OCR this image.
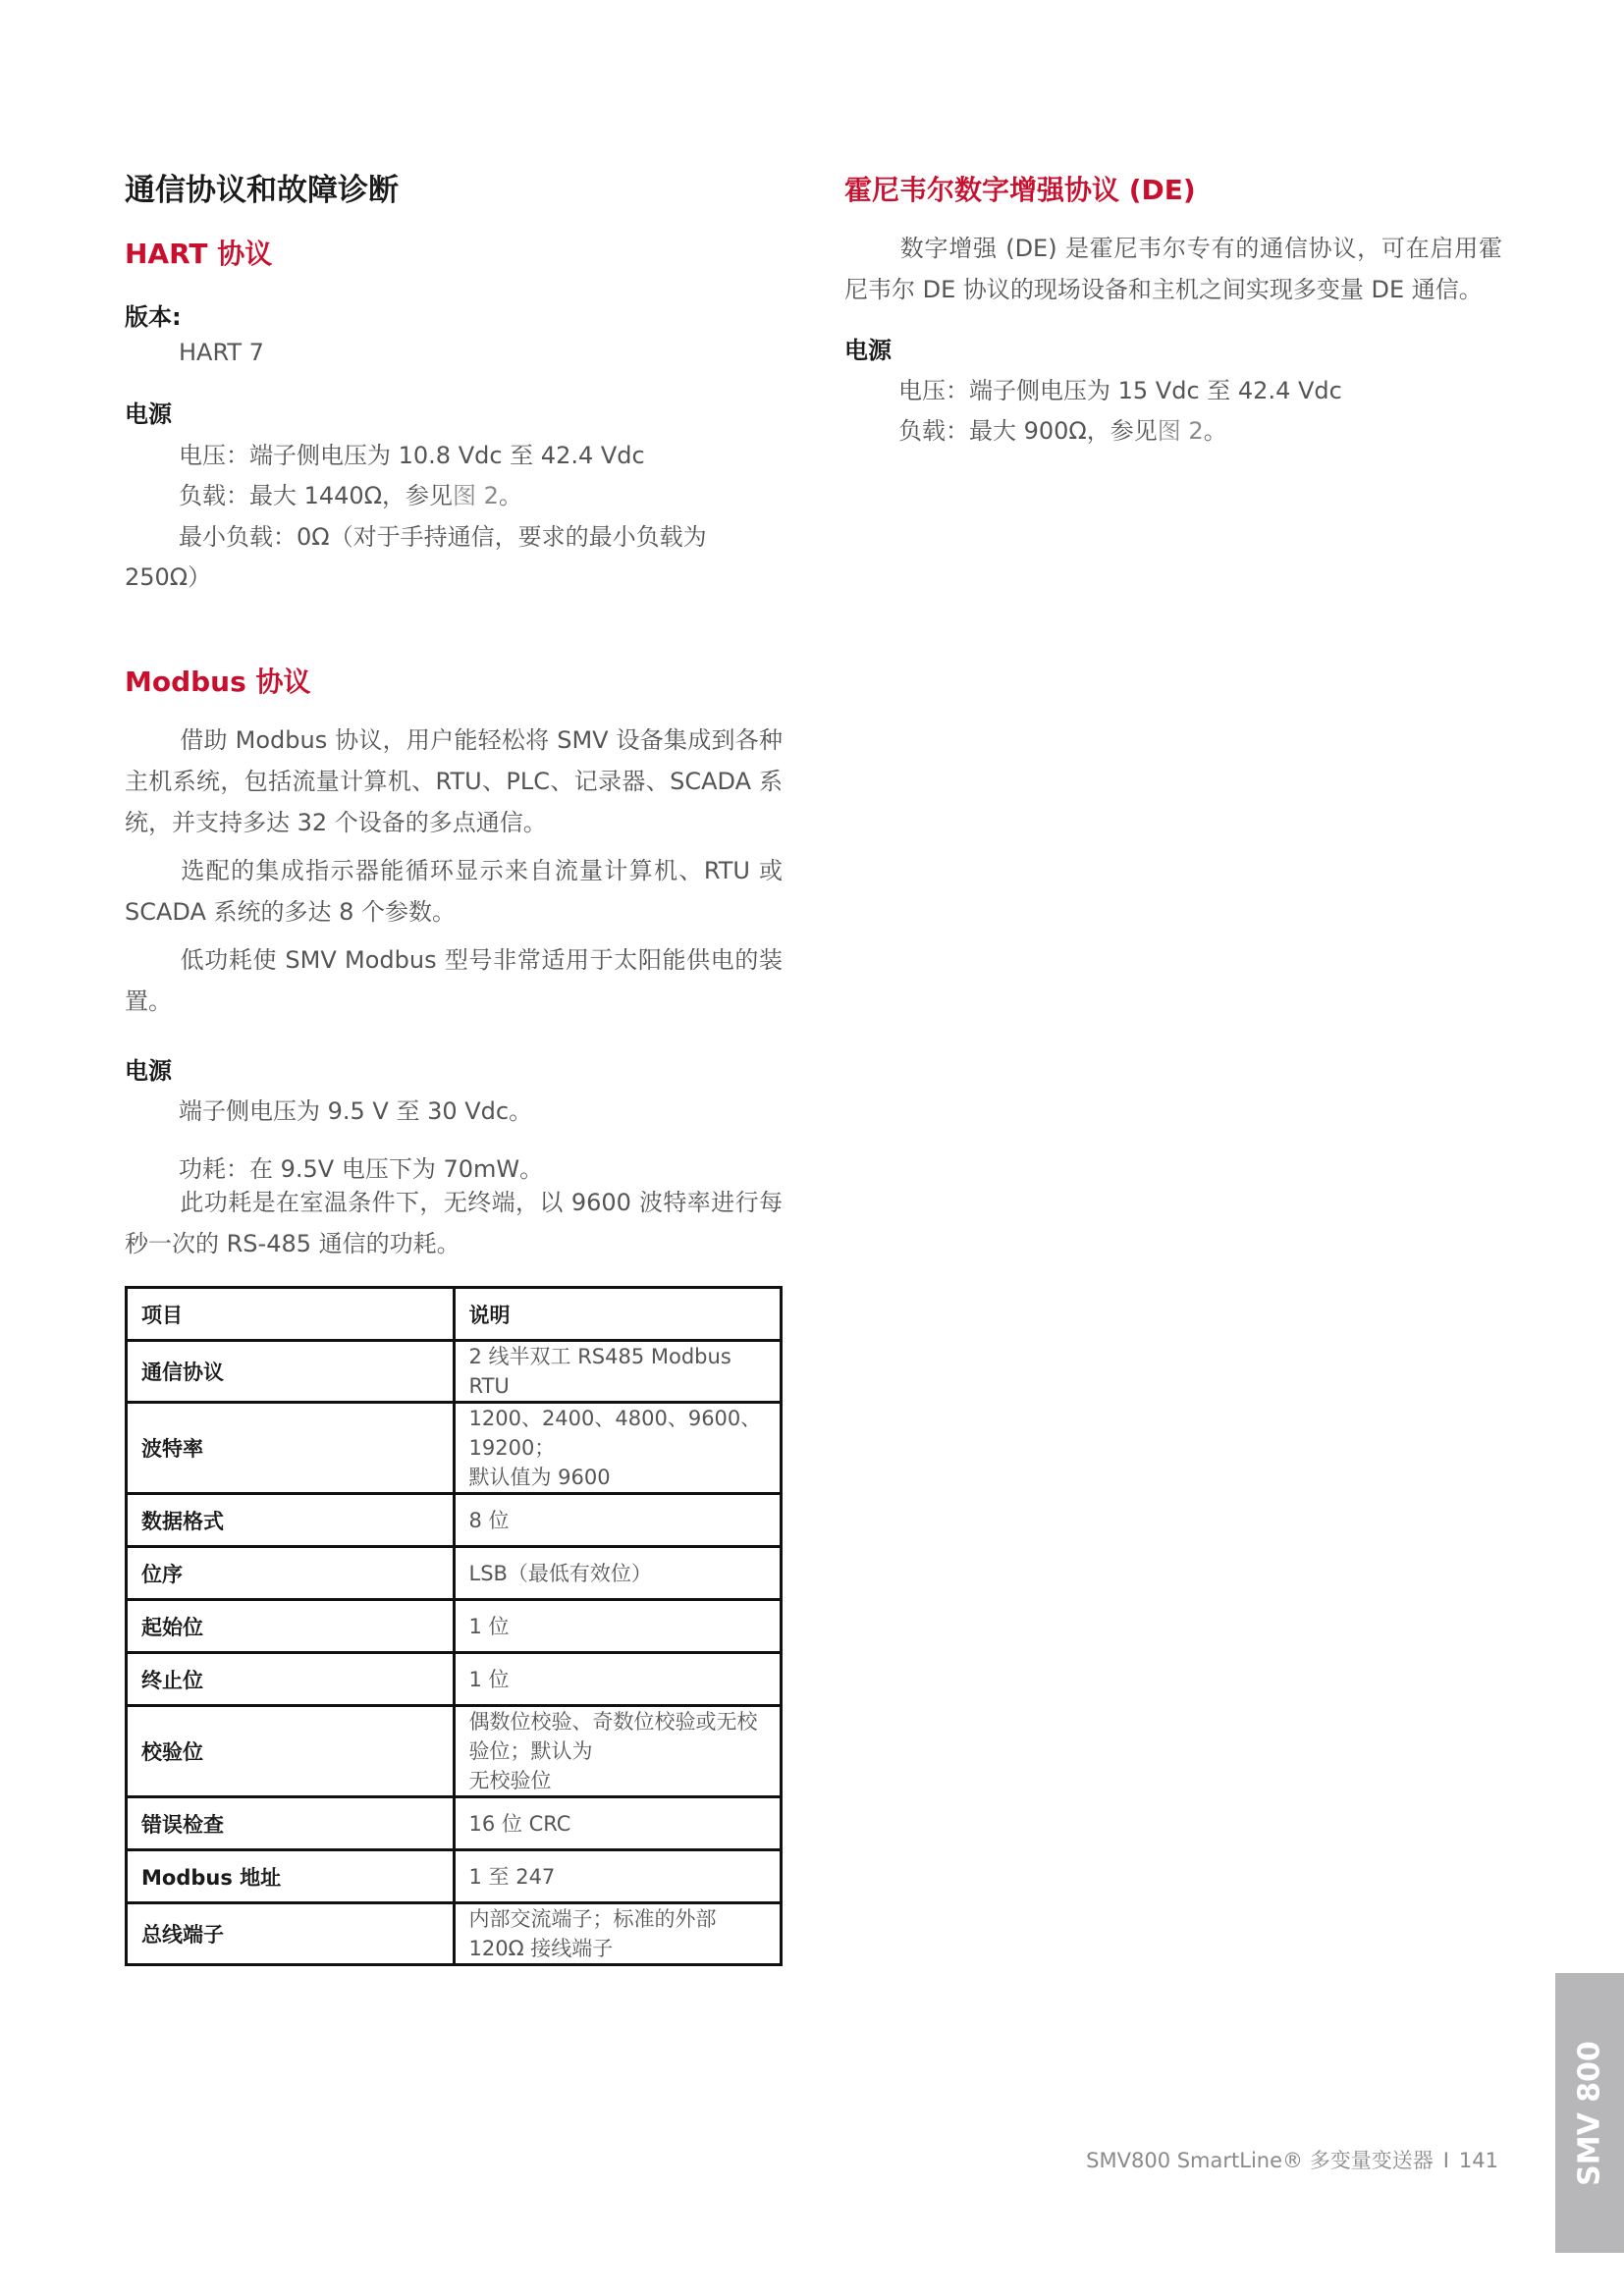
通信协议和故障诊断
HART 协议
版本:
HART 7
电源
电压：端子侧电压为 10.8 Vdc 至 42.4 Vdc
负载：最大 1440Ω，参见图 2。
最小负载：0Ω（对于手持通信，要求的最小负载为
250Ω）
Modbus 协议
借助 Modbus 协议，用户能轻松将 SMV 设备集成到各种主机系统，包括流量计算机、RTU、PLC、记录器、SCADA 系统，并支持多达 32 个设备的多点通信。
选配的集成指示器能循环显示来自流量计算机、RTU 或 SCADA 系统的多达 8 个参数。
低功耗使 SMV Modbus 型号非常适用于太阳能供电的装置。
电源
端子侧电压为 9.5 V 至 30 Vdc。
功耗：在 9.5V 电压下为 70mW。
此功耗是在室温条件下，无终端，以 9600 波特率进行每秒一次的 RS-485 通信的功耗。
项目	说明
通信协议	2 线半双工 RS485 Modbus RTU
波特率	1200、2400、4800、9600、19200；
默认值为 9600
数据格式	8 位
位序	LSB（最低有效位）
起始位	1 位
终止位	1 位
校验位	偶数位校验、奇数位校验或无校验位；默认为
无校验位
错误检查	16 位 CRC
Modbus 地址	1 至 247
总线端子	内部交流端子；标准的外部 120Ω 接线端子
霍尼韦尔数字增强协议 (DE)
数字增强 (DE) 是霍尼韦尔专有的通信协议，可在启用霍尼韦尔 DE 协议的现场设备和主机之间实现多变量 DE 通信。
电源
电压：端子侧电压为 15 Vdc 至 42.4 Vdc
负载：最大 900Ω，参见图 2。
SMV800 SmartLine® 多变量变送器 I 141	SMV 800
